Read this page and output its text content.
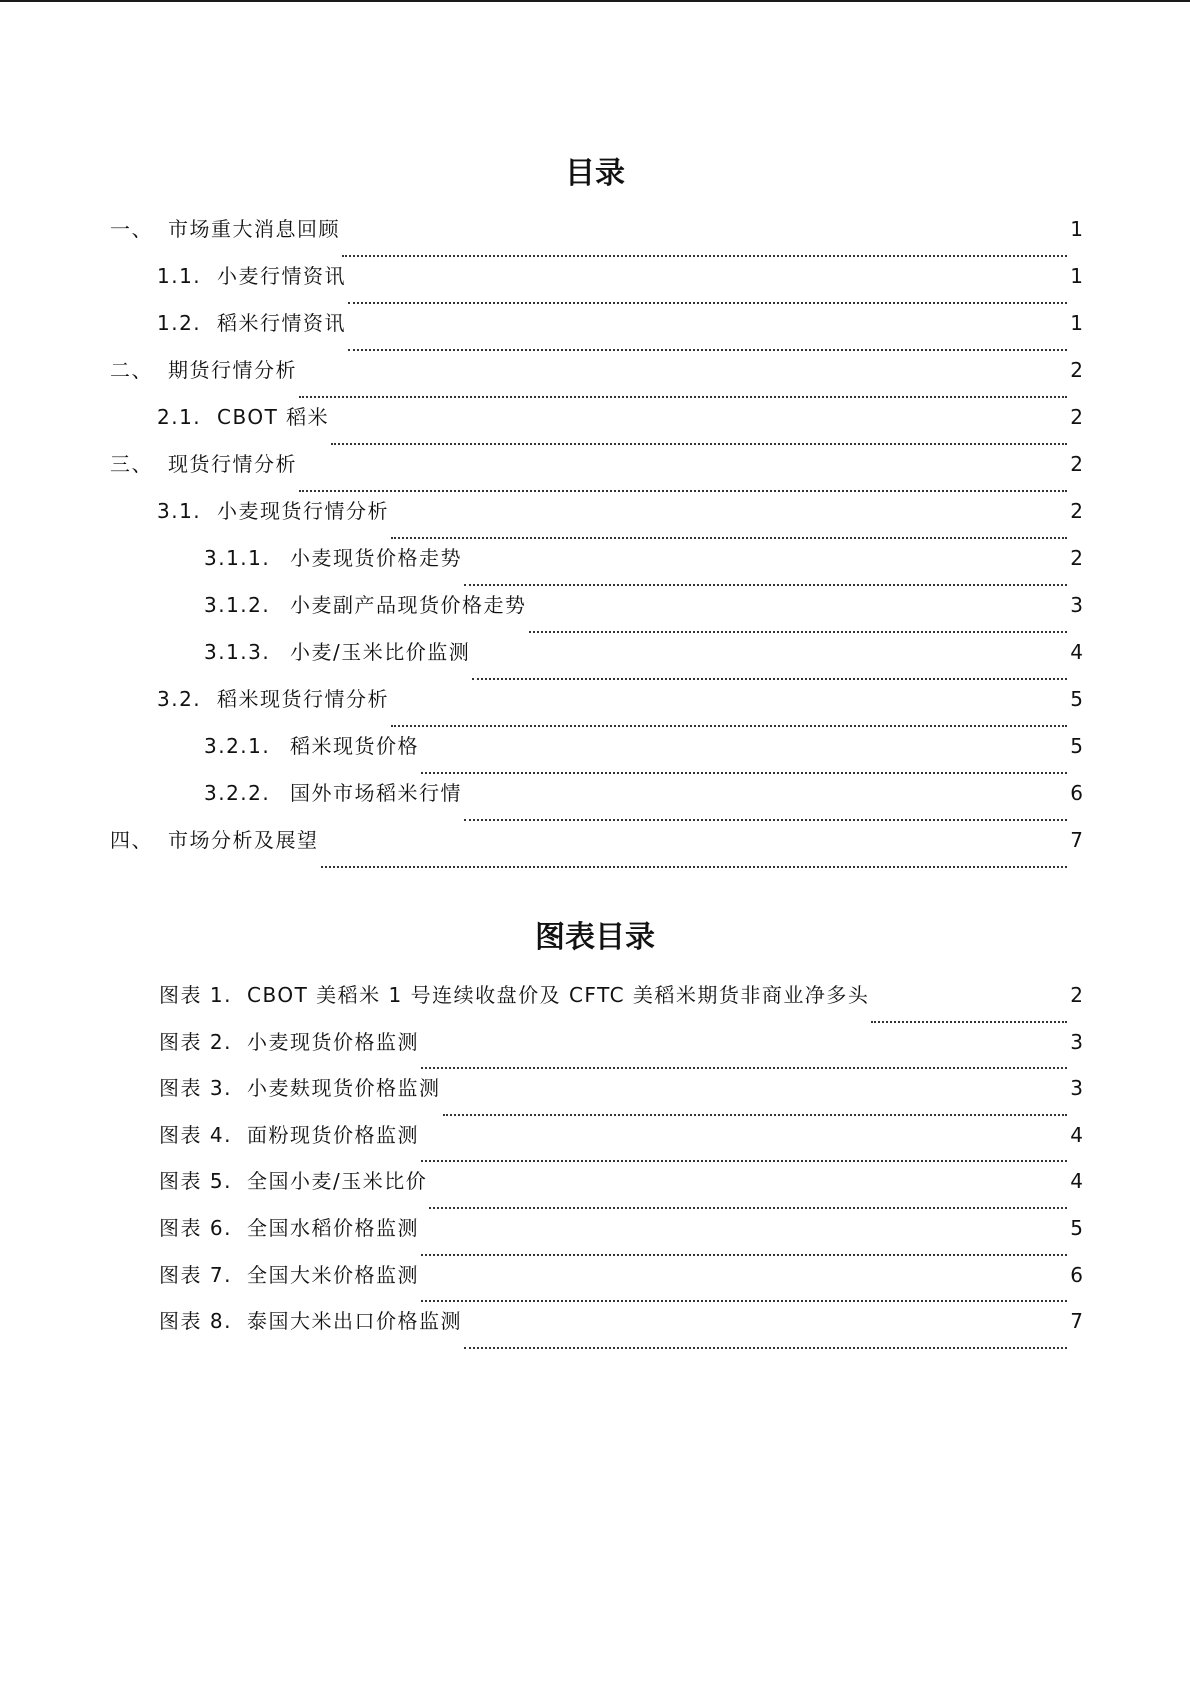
目录
一、 市场重大消息回顾	1
1.1. 小麦行情资讯	1
1.2. 稻米行情资讯	1
二、 期货行情分析	2
2.1. CBOT 稻米	2
三、 现货行情分析	2
3.1. 小麦现货行情分析	2
3.1.1. 小麦现货价格走势	2
3.1.2. 小麦副产品现货价格走势	3
3.1.3. 小麦/玉米比价监测	4
3.2. 稻米现货行情分析	5
3.2.1. 稻米现货价格	5
3.2.2. 国外市场稻米行情	6
四、 市场分析及展望	7
图表目录
图表 1. CBOT 美稻米 1 号连续收盘价及 CFTC 美稻米期货非商业净多头	2
图表 2. 小麦现货价格监测	3
图表 3. 小麦麸现货价格监测	3
图表 4. 面粉现货价格监测	4
图表 5. 全国小麦/玉米比价	4
图表 6. 全国水稻价格监测	5
图表 7. 全国大米价格监测	6
图表 8. 泰国大米出口价格监测	7
